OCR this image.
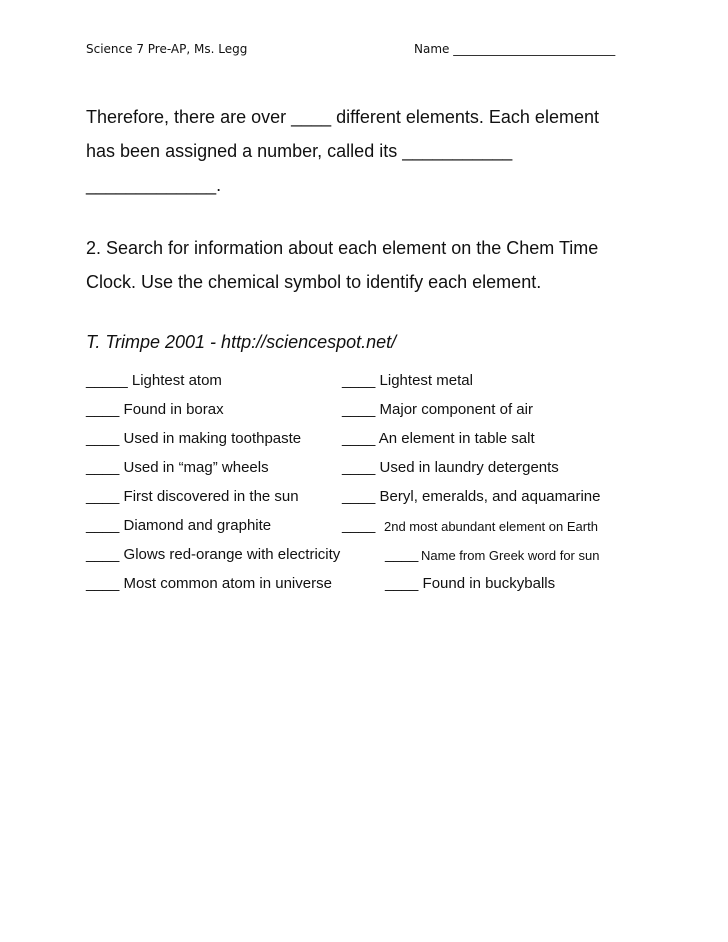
Science 7 Pre-AP, Ms. Legg	Name ___________________________
Therefore, there are over ____ different elements. Each element
has been assigned a number, called its ___________
_____________.
2. Search for information about each element on the Chem Time
Clock. Use the chemical symbol to identify each element.
T. Trimpe 2001 - http://sciencespot.net/
_____ Lightest atom	____ Lightest metal
____ Found in borax	____ Major component of air
____ Used in making toothpaste	____ An element in table salt
____ Used in “mag” wheels	____ Used in laundry detergents
____ First discovered in the sun	____ Beryl, emeralds, and aquamarine
____ Diamond and graphite	____ 2nd most abundant element on Earth
____ Glows red-orange with electricity	____ Name from Greek word for sun
____ Most common atom in universe	____ Found in buckyballs
